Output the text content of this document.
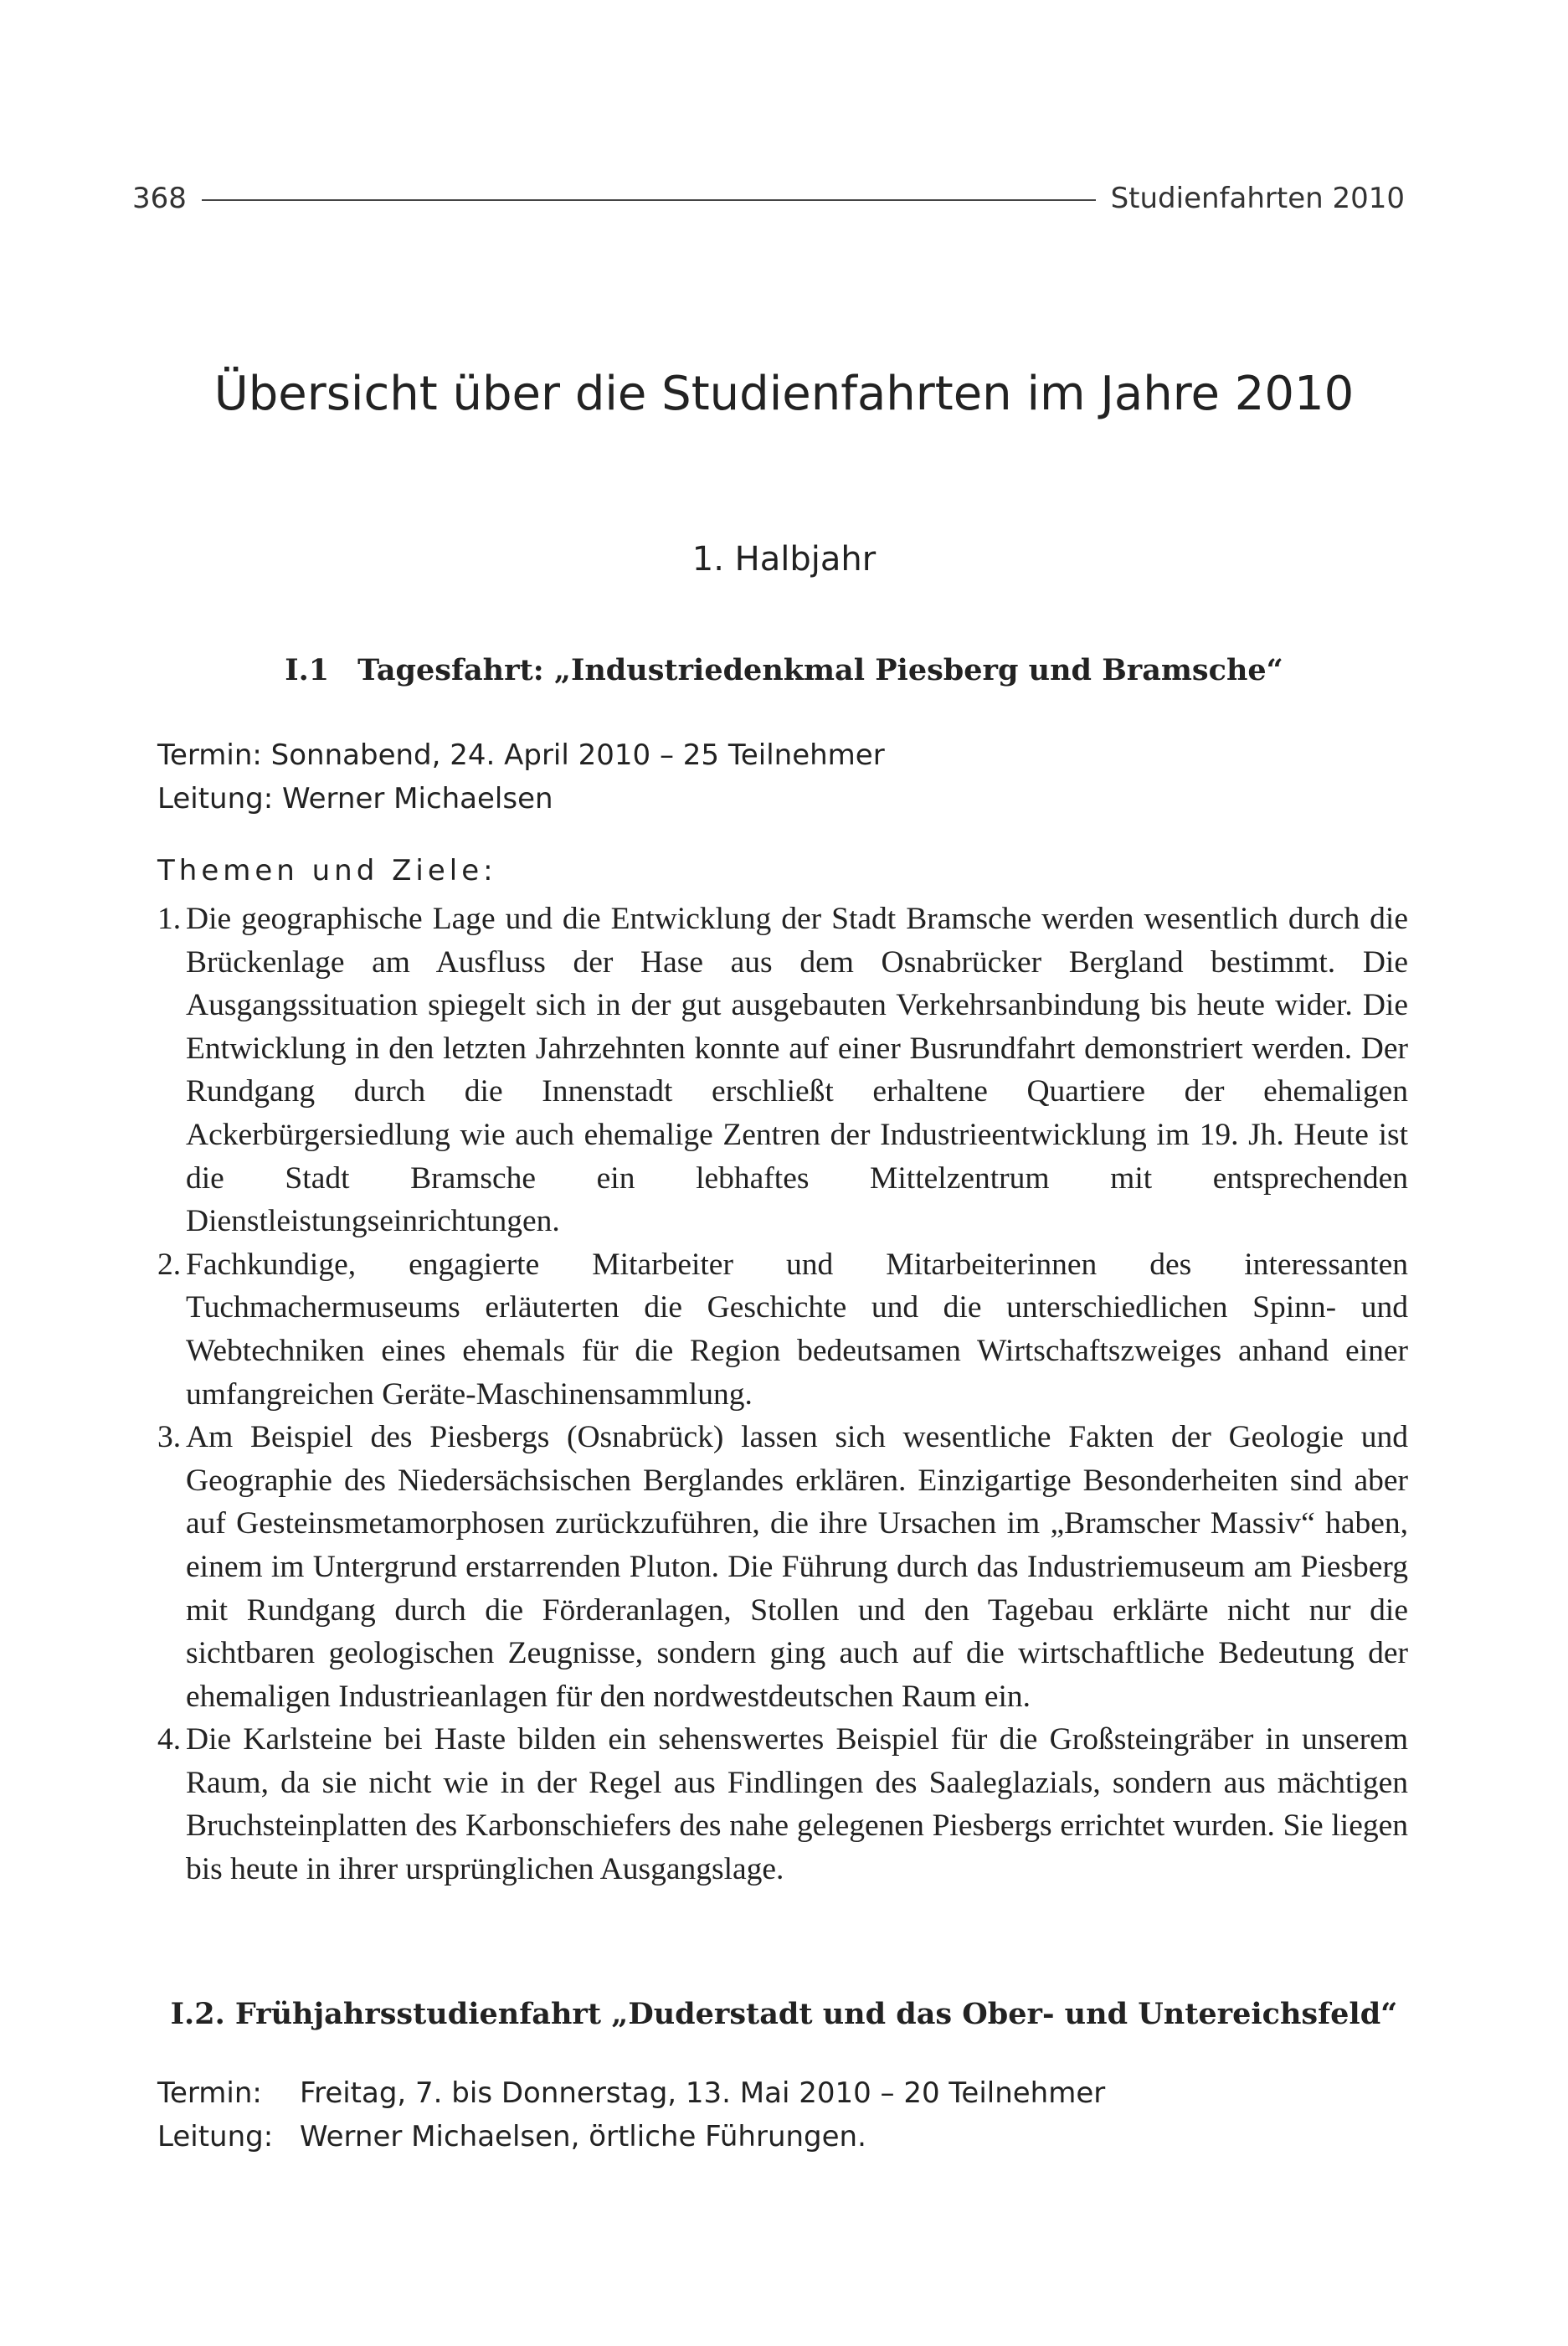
368	Studienfahrten 2010
Übersicht über die Studienfahrten im Jahre 2010
1. Halbjahr
I.1 Tagesfahrt: „Industriedenkmal Piesberg und Bramsche“
Termin: Sonnabend, 24. April 2010 – 25 Teilnehmer
Leitung: Werner Michaelsen
Themen und Ziele:

1. Die geographische Lage und die Entwicklung der Stadt Bramsche werden wesentlich durch die Brückenlage am Ausfluss der Hase aus dem Osnabrücker Bergland bestimmt. Die Ausgangssituation spiegelt sich in der gut ausgebauten Verkehrsanbindung bis heute wider. Die Entwicklung in den letzten Jahrzehnten konnte auf einer Busrundfahrt demonstriert werden. Der Rundgang durch die Innenstadt erschließt erhaltene Quartiere der ehemaligen Ackerbürgersiedlung wie auch ehemalige Zentren der Industrieentwicklung im 19. Jh. Heute ist die Stadt Bramsche ein lebhaftes Mittelzentrum mit entsprechenden Dienstleistungseinrichtungen.

2. Fachkundige, engagierte Mitarbeiter und Mitarbeiterinnen des interessanten Tuchmachermuseums erläuterten die Geschichte und die unterschiedlichen Spinn- und Webtechniken eines ehemals für die Region bedeutsamen Wirtschaftszweiges anhand einer umfangreichen Geräte-Maschinensammlung.

3. Am Beispiel des Piesbergs (Osnabrück) lassen sich wesentliche Fakten der Geologie und Geographie des Niedersächsischen Berglandes erklären. Einzigartige Besonderheiten sind aber auf Gesteinsmetamorphosen zurückzuführen, die ihre Ursachen im „Bramscher Massiv“ haben, einem im Untergrund erstarrenden Pluton. Die Führung durch das Industriemuseum am Piesberg mit Rundgang durch die Förderanlagen, Stollen und den Tagebau erklärte nicht nur die sichtbaren geologischen Zeugnisse, sondern ging auch auf die wirtschaftliche Bedeutung der ehemaligen Industrieanlagen für den nordwestdeutschen Raum ein.

4. Die Karlsteine bei Haste bilden ein sehenswertes Beispiel für die Großsteingräber in unserem Raum, da sie nicht wie in der Regel aus Findlingen des Saaleglazials, sondern aus mächtigen Bruchsteinplatten des Karbonschiefers des nahe gelegenen Piesbergs errichtet wurden. Sie liegen bis heute in ihrer ursprünglichen Ausgangslage.

I.2. Frühjahrsstudienfahrt „Duderstadt und das Ober- und Untereichsfeld“
Termin: Freitag, 7. bis Donnerstag, 13. Mai 2010 – 20 Teilnehmer
Leitung: Werner Michaelsen, örtliche Führungen.
